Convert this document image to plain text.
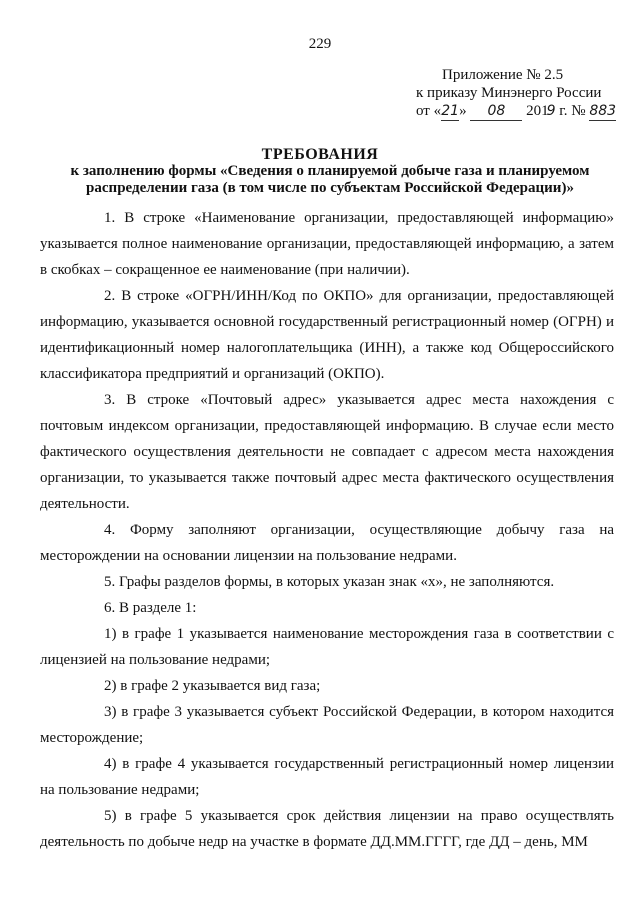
229
Приложение № 2.5
к приказу Минэнерго России
от «21» 08 2019 г. № 883
ТРЕБОВАНИЯ
к заполнению формы «Сведения о планируемой добыче газа и планируемом распределении газа (в том числе по субъектам Российской Федерации)»

1. В строке «Наименование организации, предоставляющей информацию» указывается полное наименование организации, предоставляющей информацию, а затем в скобках – сокращенное ее наименование (при наличии).

2. В строке «ОГРН/ИНН/Код по ОКПО» для организации, предоставляющей информацию, указывается основной государственный регистрационный номер (ОГРН) и идентификационный номер налогоплательщика (ИНН), а также код Общероссийского классификатора предприятий и организаций (ОКПО).

3. В строке «Почтовый адрес» указывается адрес места нахождения с почтовым индексом организации, предоставляющей информацию. В случае если место фактического осуществления деятельности не совпадает с адресом места нахождения организации, то указывается также почтовый адрес места фактического осуществления деятельности.

4. Форму заполняют организации, осуществляющие добычу газа на месторождении на основании лицензии на пользование недрами.

5. Графы разделов формы, в которых указан знак «х», не заполняются.

6. В разделе 1:

1) в графе 1 указывается наименование месторождения газа в соответствии с лицензией на пользование недрами;

2) в графе 2 указывается вид газа;

3) в графе 3 указывается субъект Российской Федерации, в котором находится месторождение;

4) в графе 4 указывается государственный регистрационный номер лицензии на пользование недрами;

5) в графе 5 указывается срок действия лицензии на право осуществлять деятельность по добыче недр на участке в формате ДД.ММ.ГГГГ, где ДД – день, ММ
